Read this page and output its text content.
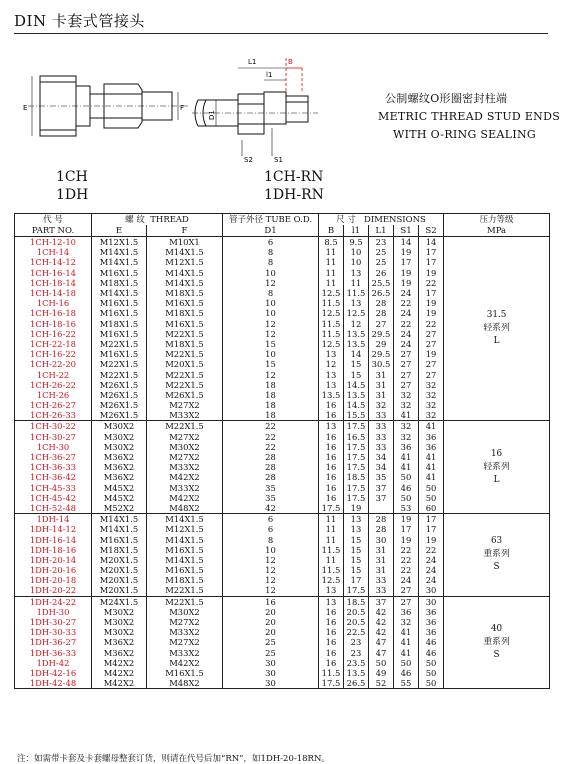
DIN 卡套式管接头
E	F
L1
l1
B
D1
S2	S1
1CH
1DH
1CH-RN
1DH-RN
公制螺纹O形圈密封柱端
METRIC THREAD STUD ENDS
WITH O-RING SEALING
代 号	螺 纹 THREAD		管子外径 TUBE O.D.	尺 寸 DIMENSIONS					压力等级
PART NO.	E	F	D1	B	l1	L1	S1	S2	MPa
1CH-12-10	M12X1.5	M10X1	6	8.5	9.5	23	14	14	31.5
轻系列
L

1CH-14	M14X1.5	M14X1.5	8	11	10	25	19	17	
1CH-14-12	M14X1.5	M12X1.5	8	11	10	25	17	17	
1CH-16-14	M16X1.5	M14X1.5	10	11	13	26	19	19	
1CH-18-14	M18X1.5	M14X1.5	12	11	11	25.5	19	22	
1CH-14-18	M14X1.5	M18X1.5	8	12.5	11.5	26.5	24	17	
1CH-16	M16X1.5	M16X1.5	10	11.5	13	28	22	19	
1CH-16-18	M16X1.5	M18X1.5	10	12.5	12.5	28	24	19	
1CH-18-16	M18X1.5	M16X1.5	12	11.5	12	27	22	22	
1CH-16-22	M16X1.5	M22X1.5	12	11.5	13.5	29.5	24	27	
1CH-22-18	M22X1.5	M18X1.5	15	12.5	13.5	29	24	27	
1CH-16-22	M16X1.5	M22X1.5	10	13	14	29.5	27	19	
1CH-22-20	M22X1.5	M20X1.5	15	12	15	30.5	27	27	
1CH-22	M22X1.5	M22X1.5	12	13	15	31	27	27	
1CH-26-22	M26X1.5	M22X1.5	18	13	14.5	31	27	32	
1CH-26	M26X1.5	M26X1.5	18	13.5	13.5	31	32	32	
1CH-26-27	M26X1.5	M27X2	18	16	14.5	32	32	32	
1CH-26-33	M26X1.5	M33X2	18	16	15.5	33	41	32	
1CH-30-22	M30X2	M22X1.5	22	13	17.5	33	32	41	16
轻系列
L

1CH-30-27	M30X2	M27X2	22	16	16.5	33	32	36	
1CH-30	M30X2	M30X2	22	16	17.5	33	36	36	
1CH-36-27	M36X2	M27X2	28	16	17.5	34	41	41	
1CH-36-33	M36X2	M33X2	28	16	17.5	34	41	41	
1CH-36-42	M36X2	M42X2	28	16	18.5	35	50	41	
1CH-45-33	M45X2	M33X2	35	16	17.5	37	46	50	
1CH-45-42	M45X2	M42X2	35	16	17.5	37	50	50	
1CH-52-48	M52X2	M48X2	42	17.5	19		53	60	
1DH-14	M14X1.5	M14X1.5	6	11	13	28	19	17	63
重系列
S

1DH-14-12	M14X1.5	M12X1.5	6	11	13	28	17	17	
1DH-16-14	M16X1.5	M14X1.5	8	11	15	30	19	19	
1DH-18-16	M18X1.5	M16X1.5	10	11.5	15	31	22	22	
1DH-20-14	M20X1.5	M14X1.5	12	11	15	31	22	24	
1DH-20-16	M20X1.5	M16X1.5	12	11.5	15	31	22	24	
1DH-20-18	M20X1.5	M18X1.5	12	12.5	17	33	24	24	
1DH-20-22	M20X1.5	M22X1.5	12	13	17.5	33	27	30	
1DH-24-22	M24X1.5	M22X1.5	16	13	18.5	37	27	30	40
重系列
S

1DH-30	M30X2	M30X2	20	16	20.5	42	36	36	
1DH-30-27	M30X2	M27X2	20	16	20.5	42	32	36	
1DH-30-33	M30X2	M33X2	20	16	22.5	42	41	36	
1DH-36-27	M36X2	M27X2	25	16	23	47	41	46	
1DH-36-33	M36X2	M33X2	25	16	23	47	41	46	
1DH-42	M42X2	M42X2	30	16	23.5	50	50	50	
1DH-42-16	M42X2	M16X1.5	30	11.5	13.5	49	46	50	
1DH-42-48	M42X2	M48X2	30	17.5	26.5	52	55	50	
注：如需带卡套及卡套螺母整套订货，则请在代号后加“RN”，如1DH-20-18RN。
